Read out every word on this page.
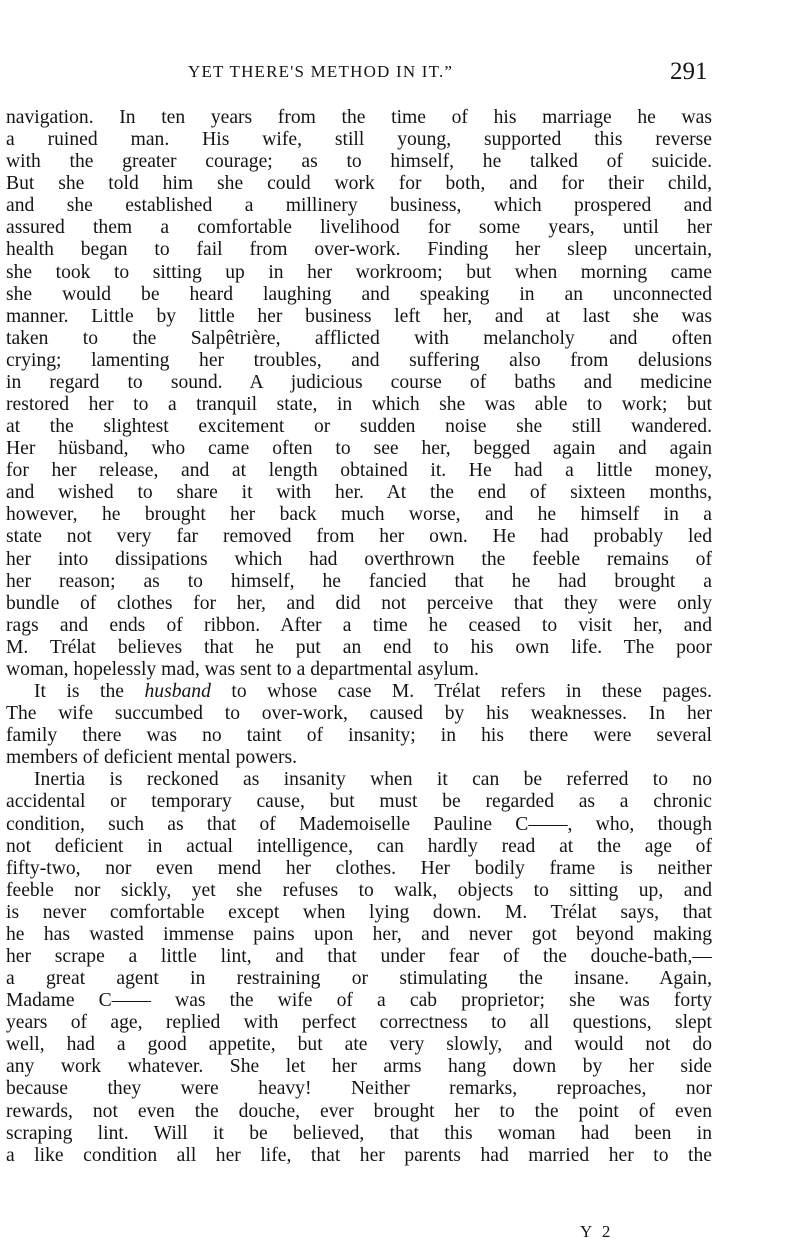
YET THERE'S METHOD IN IT.”	291
navigation. In ten years from the time of his marriage he was
a ruined man. His wife, still young, supported this reverse
with the greater courage; as to himself, he talked of suicide.
But she told him she could work for both, and for their child,
and she established a millinery business, which prospered and
assured them a comfortable livelihood for some years, until her
health began to fail from over-work. Finding her sleep uncertain,
she took to sitting up in her workroom; but when morning came
she would be heard laughing and speaking in an unconnected
manner. Little by little her business left her, and at last she was
taken to the Salpêtrière, afflicted with melancholy and often
crying; lamenting her troubles, and suffering also from delusions
in regard to sound. A judicious course of baths and medicine
restored her to a tranquil state, in which she was able to work; but
at the slightest excitement or sudden noise she still wandered.
Her hüsband, who came often to see her, begged again and again
for her release, and at length obtained it. He had a little money,
and wished to share it with her. At the end of sixteen months,
however, he brought her back much worse, and he himself in a
state not very far removed from her own. He had probably led
her into dissipations which had overthrown the feeble remains of
her reason; as to himself, he fancied that he had brought a
bundle of clothes for her, and did not perceive that they were only
rags and ends of ribbon. After a time he ceased to visit her, and
M. Trélat believes that he put an end to his own life. The poor
woman, hopelessly mad, was sent to a departmental asylum.
It is the husband to whose case M. Trélat refers in these pages.
The wife succumbed to over-work, caused by his weaknesses. In her
family there was no taint of insanity; in his there were several
members of deficient mental powers.
Inertia is reckoned as insanity when it can be referred to no
accidental or temporary cause, but must be regarded as a chronic
condition, such as that of Mademoiselle Pauline C——, who, though
not deficient in actual intelligence, can hardly read at the age of
fifty-two, nor even mend her clothes. Her bodily frame is neither
feeble nor sickly, yet she refuses to walk, objects to sitting up, and
is never comfortable except when lying down. M. Trélat says, that
he has wasted immense pains upon her, and never got beyond making
her scrape a little lint, and that under fear of the douche-bath,—
a great agent in restraining or stimulating the insane. Again,
Madame C—— was the wife of a cab proprietor; she was forty
years of age, replied with perfect correctness to all questions, slept
well, had a good appetite, but ate very slowly, and would not do
any work whatever. She let her arms hang down by her side
because they were heavy! Neither remarks, reproaches, nor
rewards, not even the douche, ever brought her to the point of even
scraping lint. Will it be believed, that this woman had been in
a like condition all her life, that her parents had married her to the
Y 2
